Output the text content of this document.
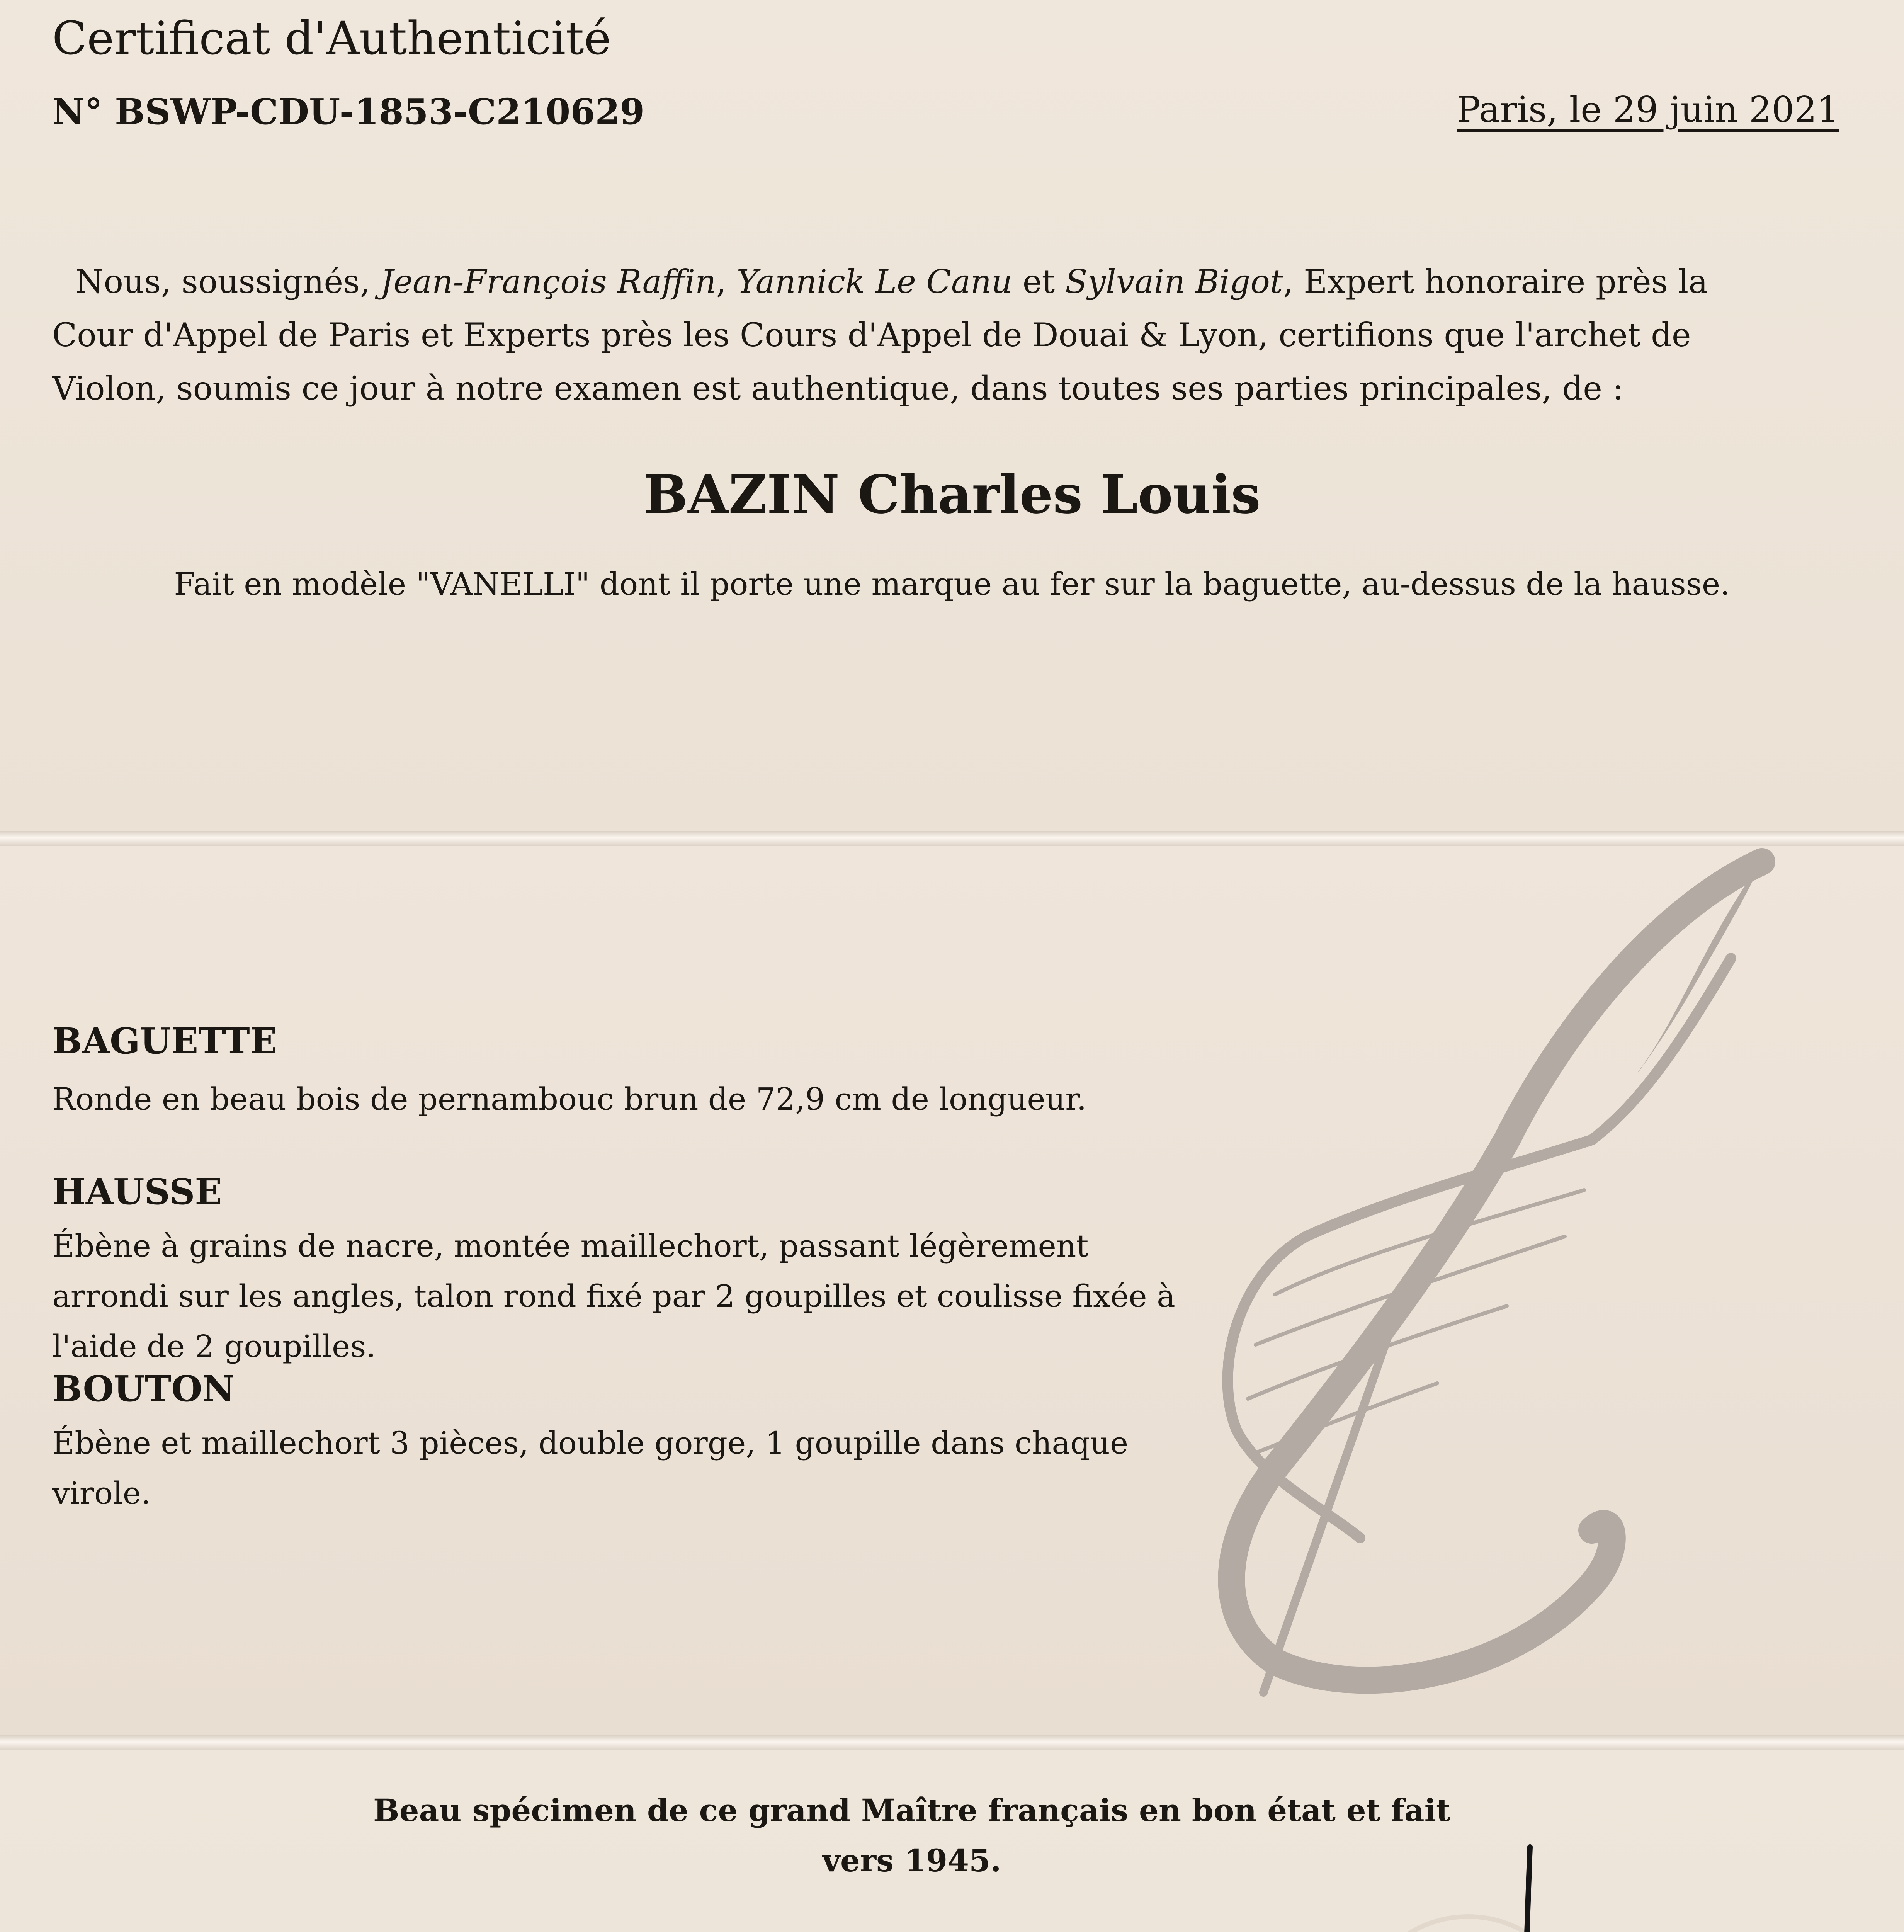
Certificat d'Authenticité
N° BSWP-CDU-1853-C210629	Paris, le 29 juin 2021
Nous, soussignés, Jean-François Raffin, Yannick Le Canu et Sylvain Bigot, Expert honoraire près la Cour d'Appel de Paris et Experts près les Cours d'Appel de Douai & Lyon, certifions que l'archet de Violon, soumis ce jour à notre examen est authentique, dans toutes ses parties principales, de :
BAZIN Charles Louis
Fait en modèle "VANELLI" dont il porte une marque au fer sur la baguette, au-dessus de la hausse.
BAGUETTE
Ronde en beau bois de pernambouc brun de 72,9 cm de longueur.
HAUSSE
Ébène à grains de nacre, montée maillechort, passant légèrement arrondi sur les angles, talon rond fixé par 2 goupilles et coulisse fixée à l'aide de 2 goupilles.
BOUTON
Ébène et maillechort 3 pièces, double gorge, 1 goupille dans chaque virole.
Beau spécimen de ce grand Maître français en bon état et fait
vers 1945.
